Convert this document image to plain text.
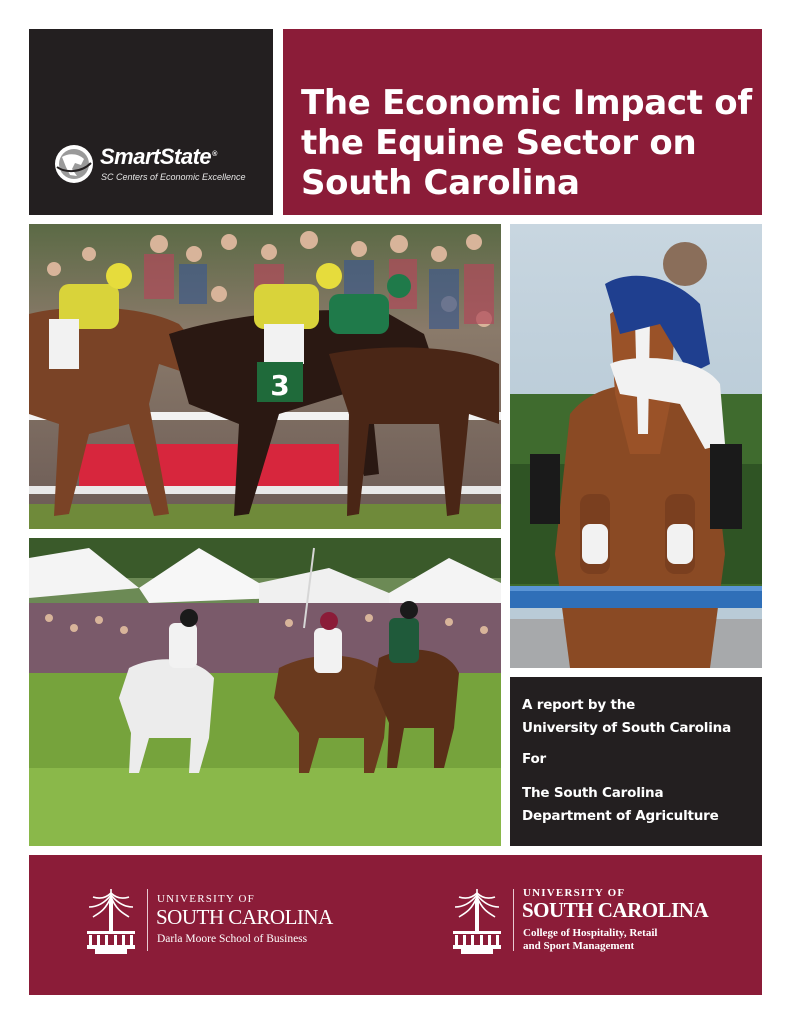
SmartState®
SC Centers of Economic Excellence
The Economic Impact of the Equine Sector on South Carolina
3
A report by the
University of South Carolina
For
The South Carolina
Department of Agriculture
UNIVERSITY OF
SOUTH CAROLINA
Darla Moore School of Business
UNIVERSITY OF
SOUTH CAROLINA
College of Hospitality, Retail
and Sport Management
